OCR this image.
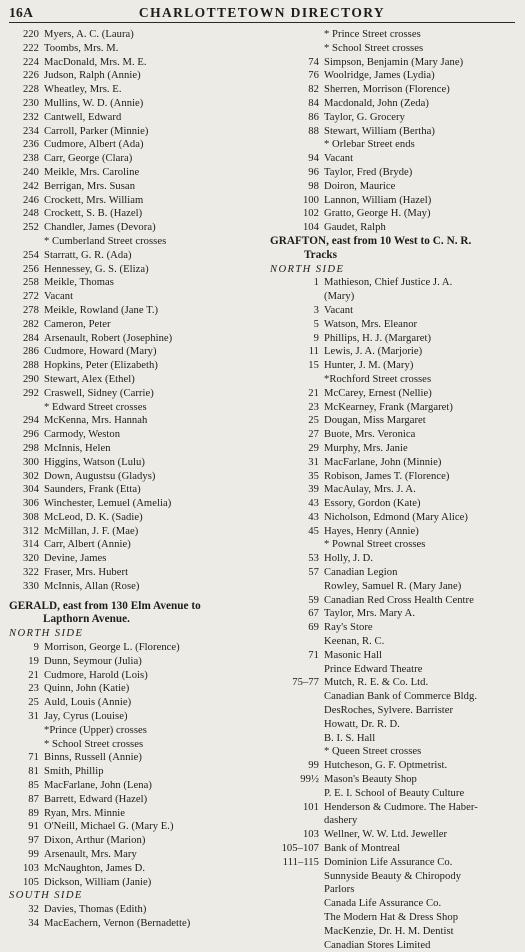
16A	CHARLOTTETOWN DIRECTORY
220 Myers, A. C. (Laura)
222 Toombs, Mrs. M.
224 MacDonald, Mrs. M. E.
226 Judson, Ralph (Annie)
228 Wheatley, Mrs. E.
230 Mullins, W. D. (Annie)
232 Cantwell, Edward
234 Carroll, Parker (Minnie)
236 Cudmore, Albert (Ada)
238 Carr, George (Clara)
240 Meikle, Mrs. Caroline
242 Berrigan, Mrs. Susan
246 Crockett, Mrs. William
248 Crockett, S. B. (Hazel)
252 Chandler, James (Devora)
* Cumberland Street crosses
254 Starratt, G. R. (Ada)
256 Hennessey, G. S. (Eliza)
258 Meikle, Thomas
272 Vacant
278 Meikle, Rowland (Jane T.)
282 Cameron, Peter
284 Arsenault, Robert (Josephine)
286 Cudmore, Howard (Mary)
288 Hopkins, Peter (Elizabeth)
290 Stewart, Alex (Ethel)
292 Craswell, Sidney (Carrie)
* Edward Street crosses
294 McKenna, Mrs. Hannah
296 Carmody, Weston
298 McInnis, Helen
300 Higgins, Watson (Lulu)
302 Down, Augustsu (Gladys)
304 Saunders, Frank (Etta)
306 Winchester, Lemuel (Amelia)
308 McLeod, D. K. (Sadie)
312 McMillan, J. F. (Mae)
314 Carr, Albert (Annie)
320 Devine, James
322 Fraser, Mrs. Hubert
330 McInnis, Allan (Rose)
GERALD, east from 130 Elm Avenue to
Lapthorn Avenue.
NORTH SIDE
9 Morrison, George L. (Florence)
19 Dunn, Seymour (Julia)
21 Cudmore, Harold (Lois)
23 Quinn, John (Katie)
25 Auld, Louis (Annie)
31 Jay, Cyrus (Louise)
*Prince (Upper) crosses
* School Street crosses
71 Binns, Russell (Annie)
81 Smith, Phillip
85 MacFarlane, John (Lena)
87 Barrett, Edward (Hazel)
89 Ryan, Mrs. Minnie
91 O'Neill, Michael G. (Mary E.)
97 Dixon, Arthur (Marion)
99 Arsenault, Mrs. Mary
103 McNaughton, James D.
105 Dickson, William (Janie)
SOUTH SIDE
32 Davies, Thomas (Edith)
34 MacEachern, Vernon (Bernadette)
* Prince Street crosses
* School Street crosses
74 Simpson, Benjamin (Mary Jane)
76 Woolridge, James (Lydia)
82 Sherren, Morrison (Florence)
84 Macdonald, John (Zeda)
86 Taylor, G. Grocery
88 Stewart, William (Bertha)
* Orlebar Street ends
94 Vacant
96 Taylor, Fred (Bryde)
98 Doiron, Maurice
100 Lannon, William (Hazel)
102 Gratto, George H. (May)
104 Gaudet, Ralph
GRAFTON, east from 10 West to C. N. R.
Tracks
NORTH SIDE
1 Mathieson, Chief Justice J. A.
(Mary)
3 Vacant
5 Watson, Mrs. Eleanor
9 Phillips, H. J. (Margaret)
11 Lewis, J. A. (Marjorie)
15 Hunter, J. M. (Mary)
*Rochford Street crosses
21 McCarey, Ernest (Nellie)
23 McKearney, Frank (Margaret)
25 Dougan, Miss Margaret
27 Buote, Mrs. Veronica
29 Murphy, Mrs. Janie
31 MacFarlane, John (Minnie)
35 Robison, James T. (Florence)
39 MacAulay, Mrs. J. A.
43 Essory, Gordon (Kate)
43 Nicholson, Edmond (Mary Alice)
45 Hayes, Henry (Annie)
* Pownal Street crosses
53 Holly, J. D.
57 Canadian Legion
Rowley, Samuel R. (Mary Jane)
59 Canadian Red Cross Health Centre
67 Taylor, Mrs. Mary A.
69 Ray's Store
Keenan, R. C.
71 Masonic Hall
Prince Edward Theatre
75–77 Mutch, R. E. & Co. Ltd.
Canadian Bank of Commerce Bldg.
DesRoches, Sylvere. Barrister
Howatt, Dr. R. D.
B. I. S. Hall
* Queen Street crosses
99 Hutcheson, G. F. Optmetrist.
99½ Mason's Beauty Shop
P. E. I. School of Beauty Culture
101 Henderson & Cudmore. The Haber-
dashery
103 Wellner, W. W. Ltd. Jeweller
105–107 Bank of Montreal
111–115 Dominion Life Assurance Co.
Sunnyside Beauty & Chiropody
Parlors
Canada Life Assurance Co.
The Modern Hat & Dress Shop
MacKenzie, Dr. H. M. Dentist
Canadian Stores Limited
